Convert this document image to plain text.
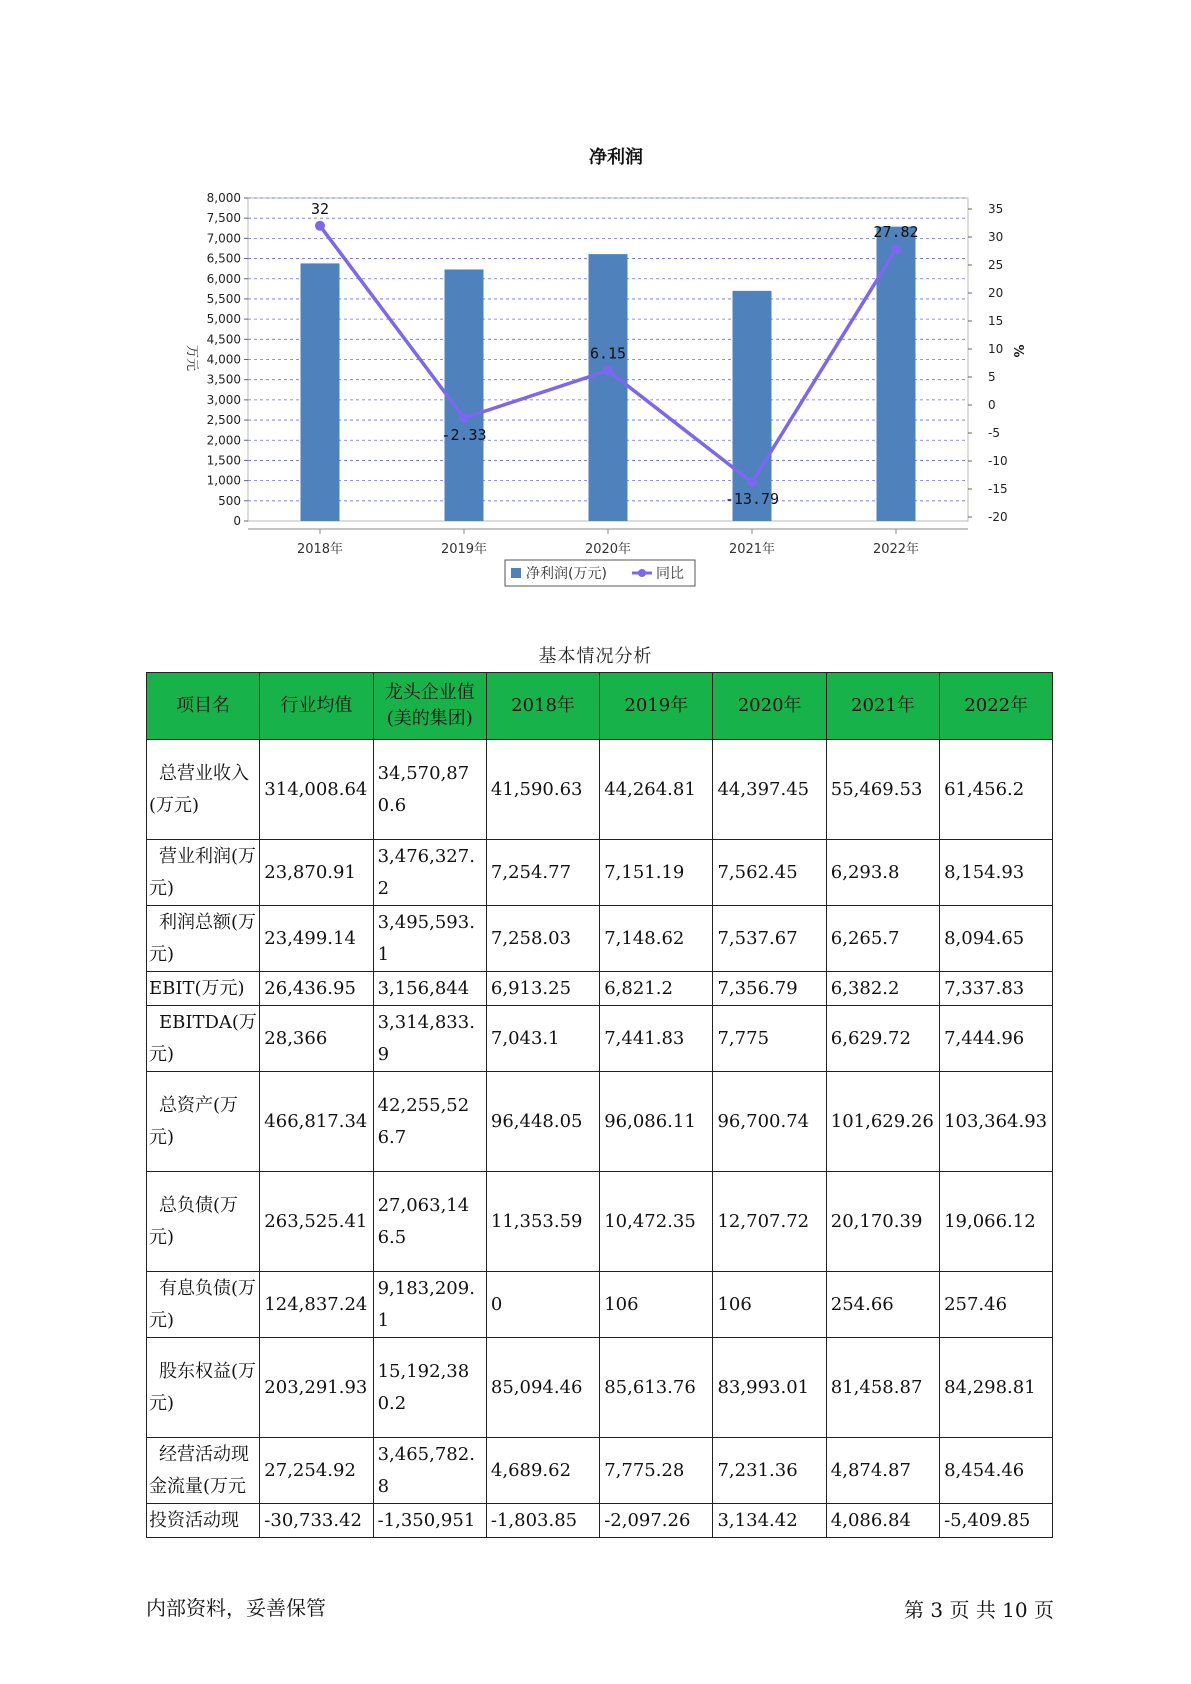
净利润
0
500
1,000
1,500
2,000
2,500
3,000
3,500
4,000
4,500
5,000
5,500
6,000
6,500
7,000
7,500
8,000
35
30
25
20
15
10
5
0
-5
-10
-15
-20
万元	%
2018年	2019年	2020年	2021年	2022年
32
-2.33
6.15
-13.79
27.82
净利润(万元)	同比
基本情况分析
项目名	行业均值	龙头企业值(美的集团)	2018年	2019年	2020年	2021年	2022年
总营业收入(万元)	314,008.64	34,570,870.6	41,590.63	44,264.81	44,397.45	55,469.53	61,456.2
营业利润(万元)	23,870.91	3,476,327.2	7,254.77	7,151.19	7,562.45	6,293.8	8,154.93
利润总额(万元)	23,499.14	3,495,593.1	7,258.03	7,148.62	7,537.67	6,265.7	8,094.65
EBIT(万元)	26,436.95	3,156,844	6,913.25	6,821.2	7,356.79	6,382.2	7,337.83
EBITDA(万元)	28,366	3,314,833.9	7,043.1	7,441.83	7,775	6,629.72	7,444.96
总资产(万元)	466,817.34	42,255,526.7	96,448.05	96,086.11	96,700.74	101,629.26	103,364.93
总负债(万元)	263,525.41	27,063,146.5	11,353.59	10,472.35	12,707.72	20,170.39	19,066.12
有息负债(万元)	124,837.24	9,183,209.1	0	106	106	254.66	257.46
股东权益(万元)	203,291.93	15,192,380.2	85,094.46	85,613.76	83,993.01	81,458.87	84,298.81
经营活动现金流量(万元	27,254.92	3,465,782.8	4,689.62	7,775.28	7,231.36	4,874.87	8,454.46
投资活动现	-30,733.42	-1,350,951	-1,803.85	-2,097.26	3,134.42	4,086.84	-5,409.85
内部资料，妥善保管	第 3 页 共 10 页
